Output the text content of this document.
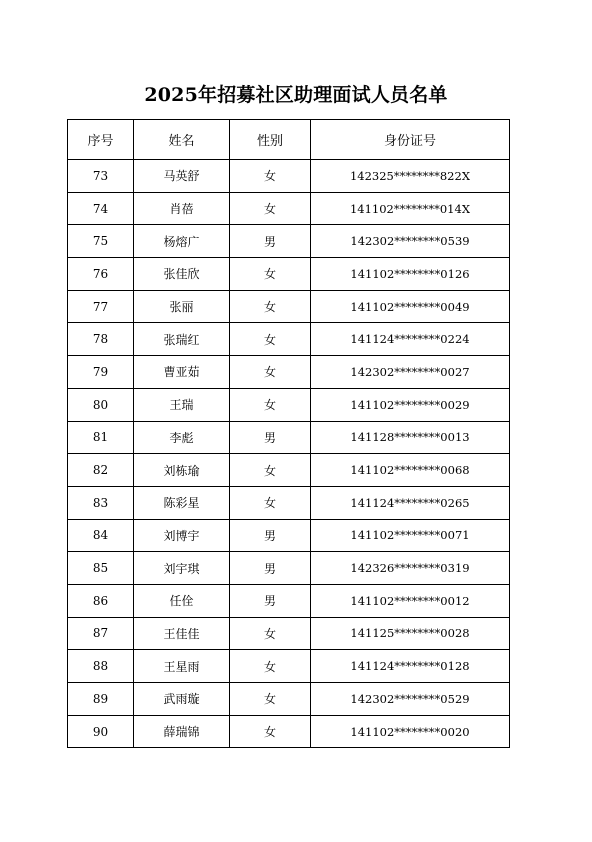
2025年招募社区助理面试人员名单
序号	姓名	性别	身份证号
73	马英舒	女	142325********822X
74	肖蓓	女	141102********014X
75	杨熔广	男	142302********0539
76	张佳欣	女	141102********0126
77	张丽	女	141102********0049
78	张瑞红	女	141124********0224
79	曹亚茹	女	142302********0027
80	王瑞	女	141102********0029
81	李彪	男	141128********0013
82	刘栋瑜	女	141102********0068
83	陈彩星	女	141124********0265
84	刘博宇	男	141102********0071
85	刘宇琪	男	142326********0319
86	任佺	男	141102********0012
87	王佳佳	女	141125********0028
88	王星雨	女	141124********0128
89	武雨璇	女	142302********0529
90	薛瑞锦	女	141102********0020
